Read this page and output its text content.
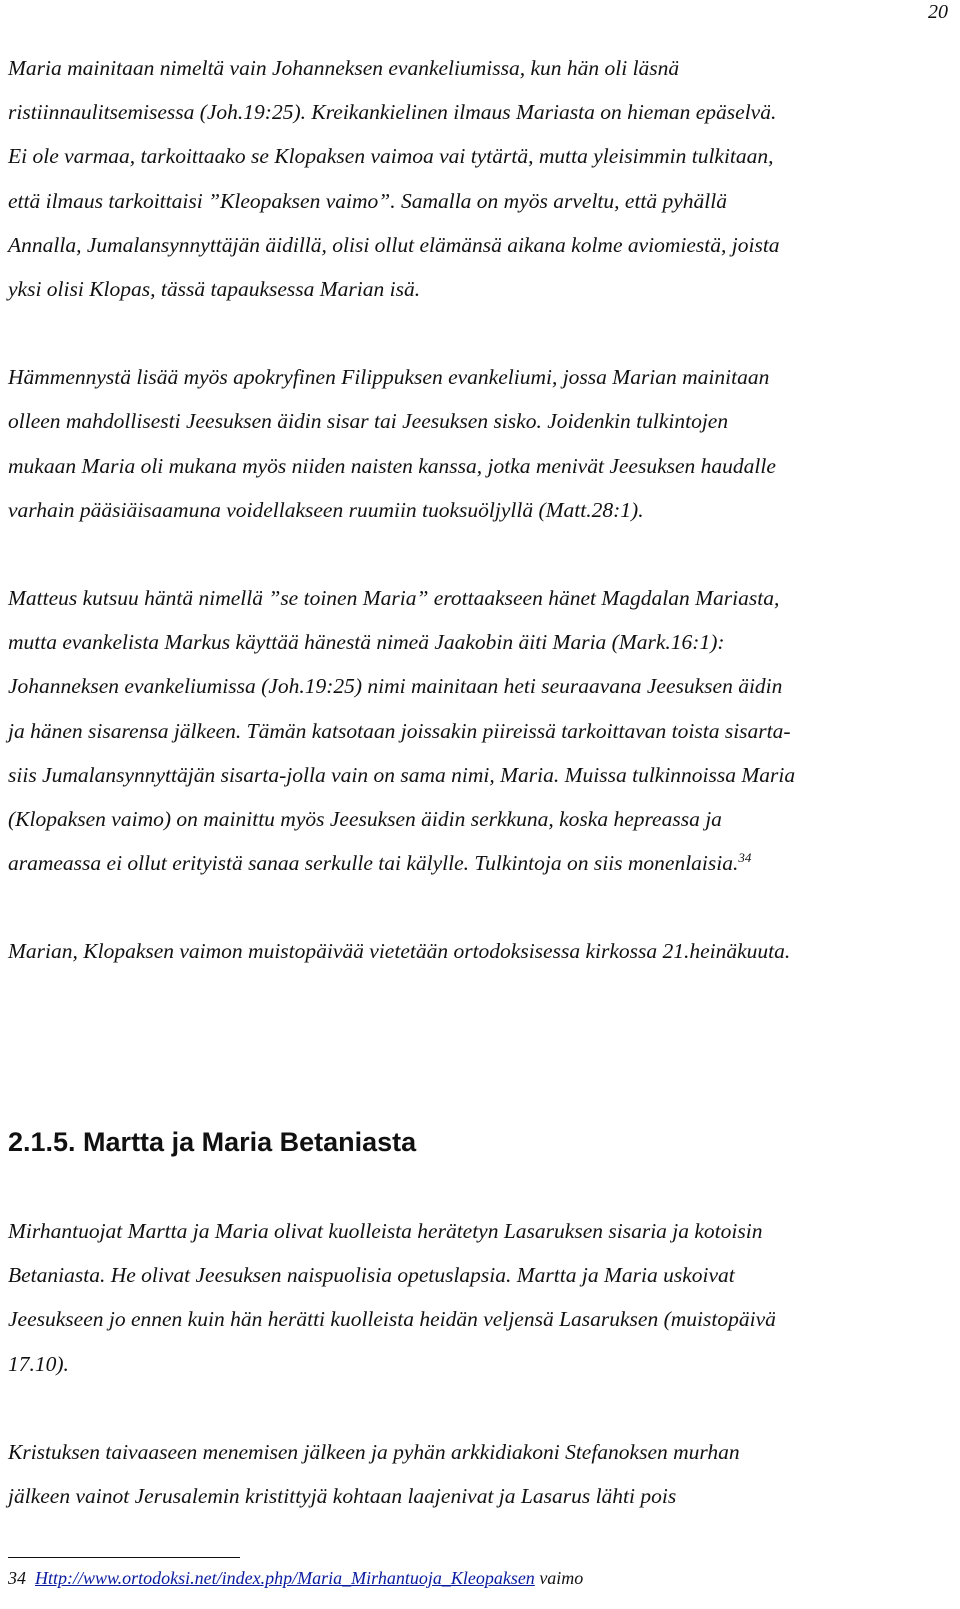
20

Maria mainitaan nimeltä vain Johanneksen evankeliumissa, kun hän oli läsnä
ristiinnaulitsemisessa (Joh.19:25). Kreikankielinen ilmaus Mariasta on hieman epäselvä.
Ei ole varmaa, tarkoittaako se Klopaksen vaimoa vai tytärtä, mutta yleisimmin tulkitaan,
että ilmaus tarkoittaisi ”Kleopaksen vaimo”. Samalla on myös arveltu, että pyhällä
Annalla, Jumalansynnyttäjän äidillä, olisi ollut elämänsä aikana kolme aviomiestä, joista
yksi olisi Klopas, tässä tapauksessa Marian isä.

Hämmennystä lisää myös apokryfinen Filippuksen evankeliumi, jossa Marian mainitaan
olleen mahdollisesti Jeesuksen äidin sisar tai Jeesuksen sisko. Joidenkin tulkintojen
mukaan Maria oli mukana myös niiden naisten kanssa, jotka menivät Jeesuksen haudalle
varhain pääsiäisaamuna voidellakseen ruumiin tuoksuöljyllä (Matt.28:1).

Matteus kutsuu häntä nimellä ”se toinen Maria” erottaakseen hänet Magdalan Mariasta,
mutta evankelista Markus käyttää hänestä nimeä Jaakobin äiti Maria (Mark.16:1):
Johanneksen evankeliumissa (Joh.19:25) nimi mainitaan heti seuraavana Jeesuksen äidin
ja hänen sisarensa jälkeen. Tämän katsotaan joissakin piireissä tarkoittavan toista sisarta-
siis Jumalansynnyttäjän sisarta-jolla vain on sama nimi, Maria. Muissa tulkinnoissa Maria
(Klopaksen vaimo) on mainittu myös Jeesuksen äidin serkkuna, koska hepreassa ja
arameassa ei ollut erityistä sanaa serkulle tai kälylle. Tulkintoja on siis monenlaisia.$^{34}$

Marian, Klopaksen vaimon muistopäivää vietetään ortodoksisessa kirkossa 21.heinäkuuta.

2.1.5. Martta ja Maria Betaniasta

Mirhantuojat Martta ja Maria olivat kuolleista herätetyn Lasaruksen sisaria ja kotoisin
Betaniasta. He olivat Jeesuksen naispuolisia opetuslapsia. Martta ja Maria uskoivat
Jeesukseen jo ennen kuin hän herätti kuolleista heidän veljensä Lasaruksen (muistopäivä
17.10).

Kristuksen taivaaseen menemisen jälkeen ja pyhän arkkidiakoni Stefanoksen murhan
jälkeen vainot Jerusalemin kristittyjä kohtaan laajenivat ja Lasarus lähti pois

34 Http://www.ortodoksi.net/index.php/Maria_Mirhantuoja_Kleopaksen vaimo
